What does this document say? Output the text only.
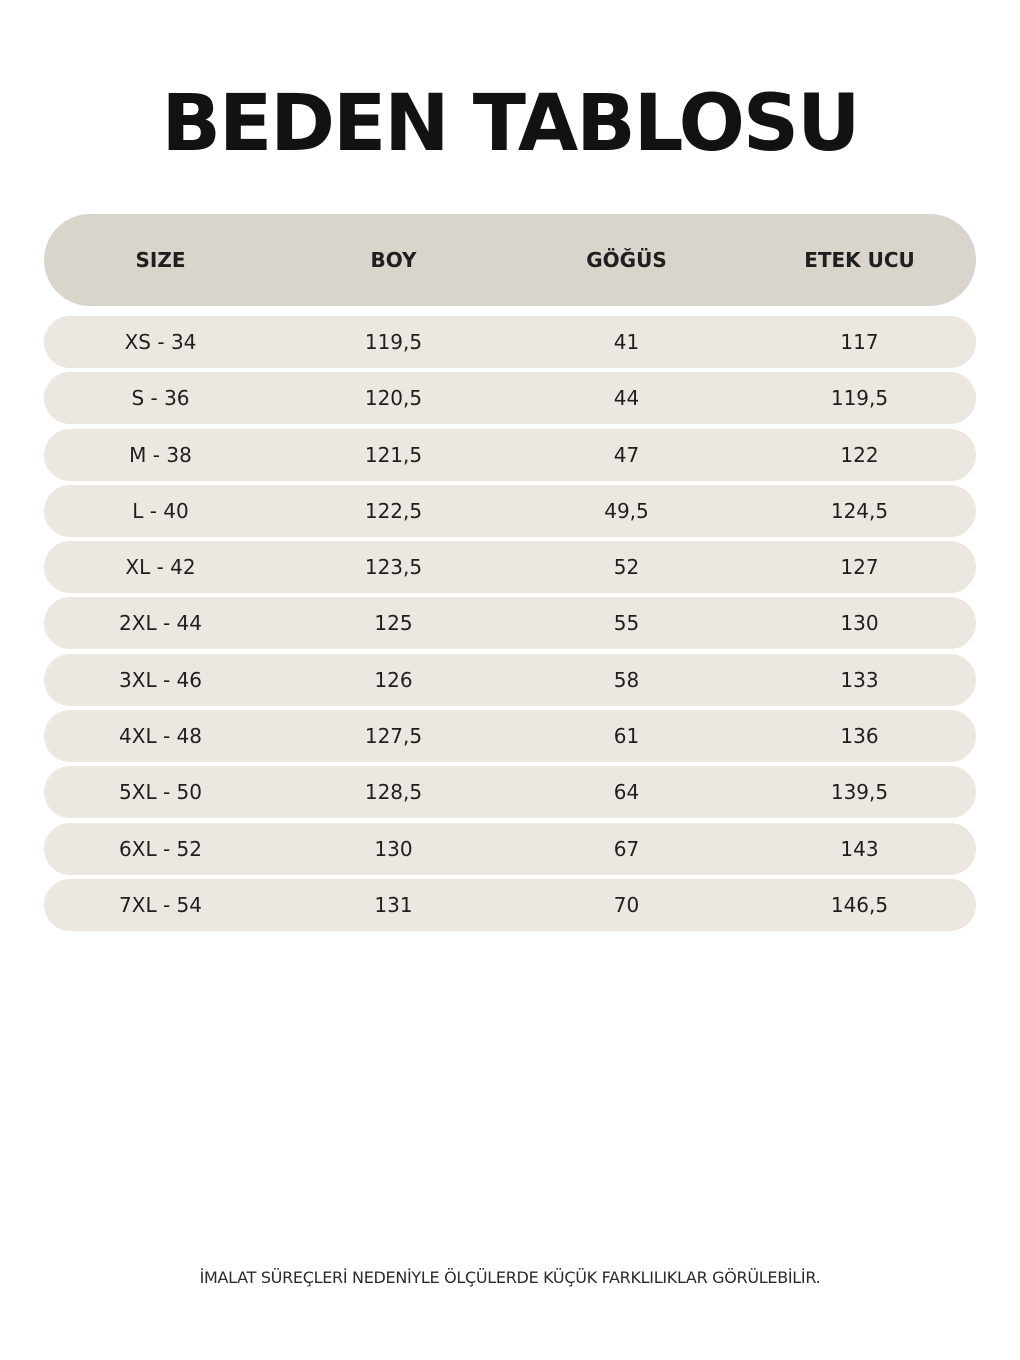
BEDEN TABLOSU
SIZE	BOY	GÖĞÜS	ETEK UCU
XS - 34	119,5	41	117
S - 36	120,5	44	119,5
M - 38	121,5	47	122
L - 40	122,5	49,5	124,5
XL - 42	123,5	52	127
2XL - 44	125	55	130
3XL - 46	126	58	133
4XL - 48	127,5	61	136
5XL - 50	128,5	64	139,5
6XL - 52	130	67	143
7XL - 54	131	70	146,5
İMALAT SÜREÇLERİ NEDENİYLE ÖLÇÜLERDE KÜÇÜK FARKLILIKLAR GÖRÜLEBİLİR.
